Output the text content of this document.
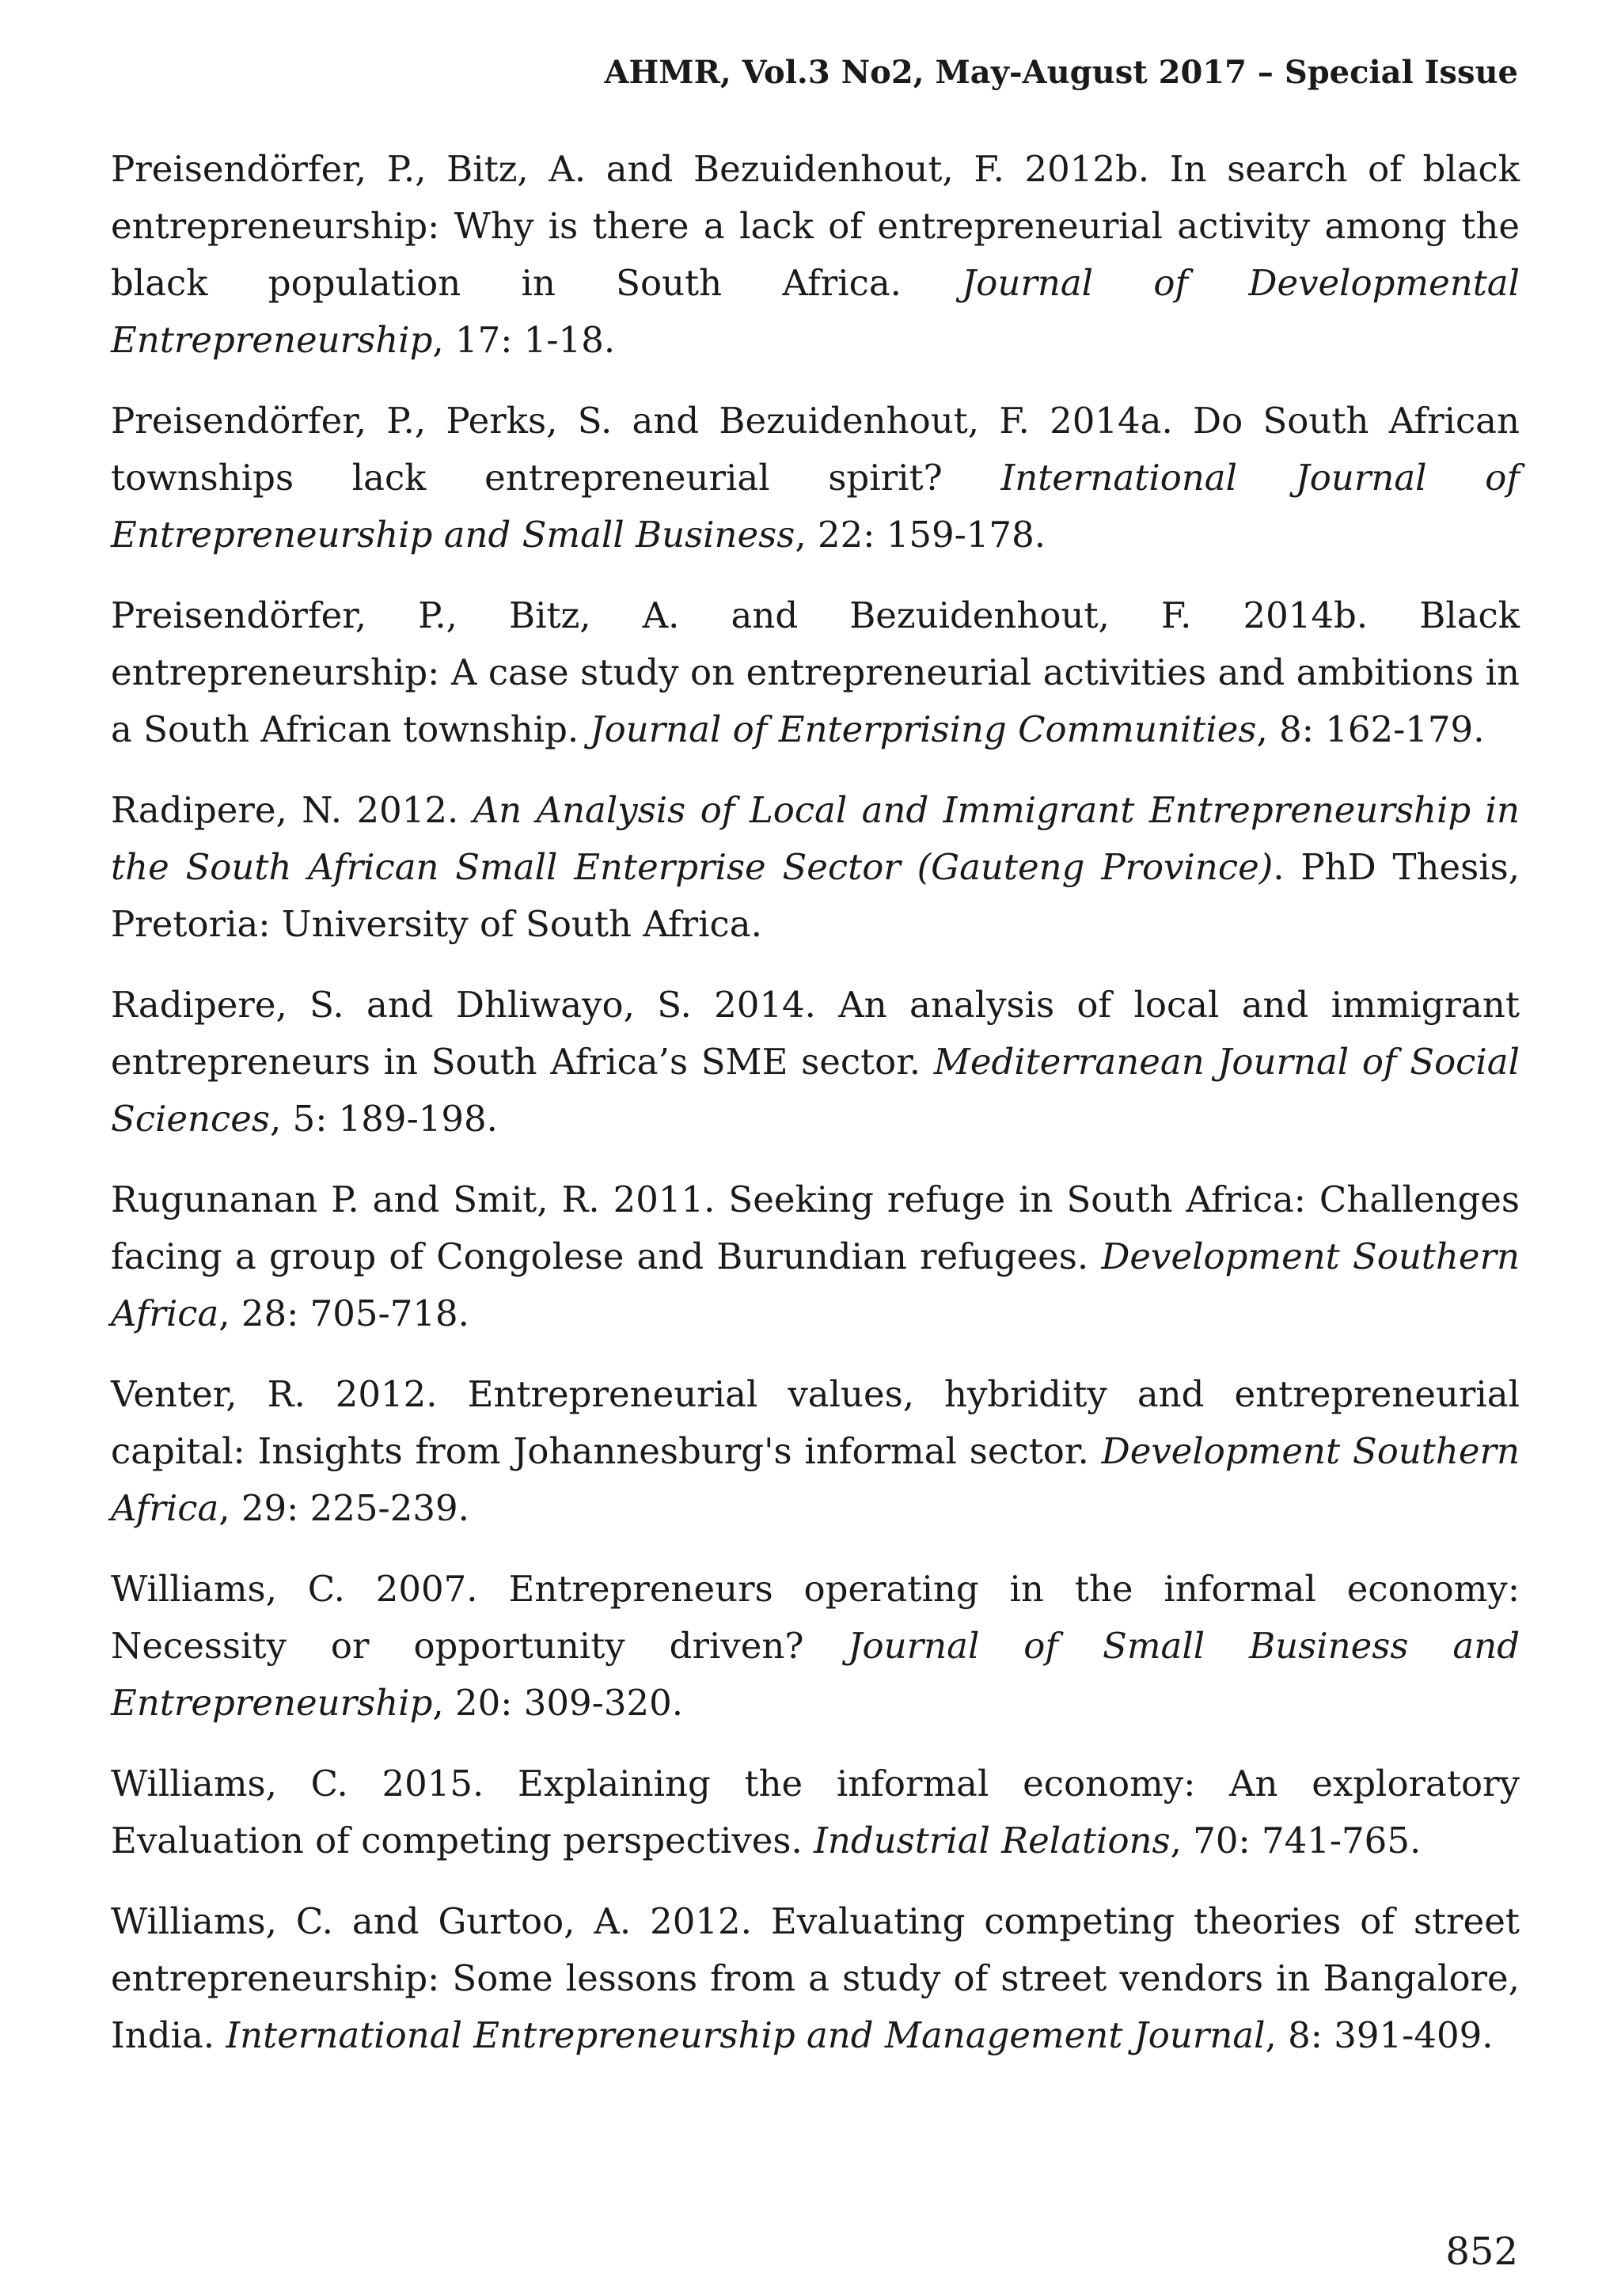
AHMR, Vol.3 No2, May-August 2017 – Special Issue

Preisendörfer, P., Bitz, A. and Bezuidenhout, F. 2012b. In search of black entrepreneurship: Why is there a lack of entrepreneurial activity among the black population in South Africa. Journal of Developmental Entrepreneurship, 17: 1-18.

Preisendörfer, P., Perks, S. and Bezuidenhout, F. 2014a. Do South African townships lack entrepreneurial spirit? International Journal of Entrepreneurship and Small Business, 22: 159-178.

Preisendörfer, P., Bitz, A. and Bezuidenhout, F. 2014b. Black entrepreneurship: A case study on entrepreneurial activities and ambitions in a South African township. Journal of Enterprising Communities, 8: 162-179.

Radipere, N. 2012. An Analysis of Local and Immigrant Entrepreneurship in the South African Small Enterprise Sector (Gauteng Province). PhD Thesis, Pretoria: University of South Africa.

Radipere, S. and Dhliwayo, S. 2014. An analysis of local and immigrant entrepreneurs in South Africa’s SME sector. Mediterranean Journal of Social Sciences, 5: 189-198.

Rugunanan P. and Smit, R. 2011. Seeking refuge in South Africa: Challenges facing a group of Congolese and Burundian refugees. Development Southern Africa, 28: 705-718.

Venter, R. 2012. Entrepreneurial values, hybridity and entrepreneurial capital: Insights from Johannesburg's informal sector. Development Southern Africa, 29: 225-239.

Williams, C. 2007. Entrepreneurs operating in the informal economy: Necessity or opportunity driven? Journal of Small Business and Entrepreneurship, 20: 309-320.

Williams, C. 2015. Explaining the informal economy: An exploratory Evaluation of competing perspectives. Industrial Relations, 70: 741-765.

Williams, C. and Gurtoo, A. 2012. Evaluating competing theories of street entrepreneurship: Some lessons from a study of street vendors in Bangalore, India. International Entrepreneurship and Management Journal, 8: 391-409.

852
